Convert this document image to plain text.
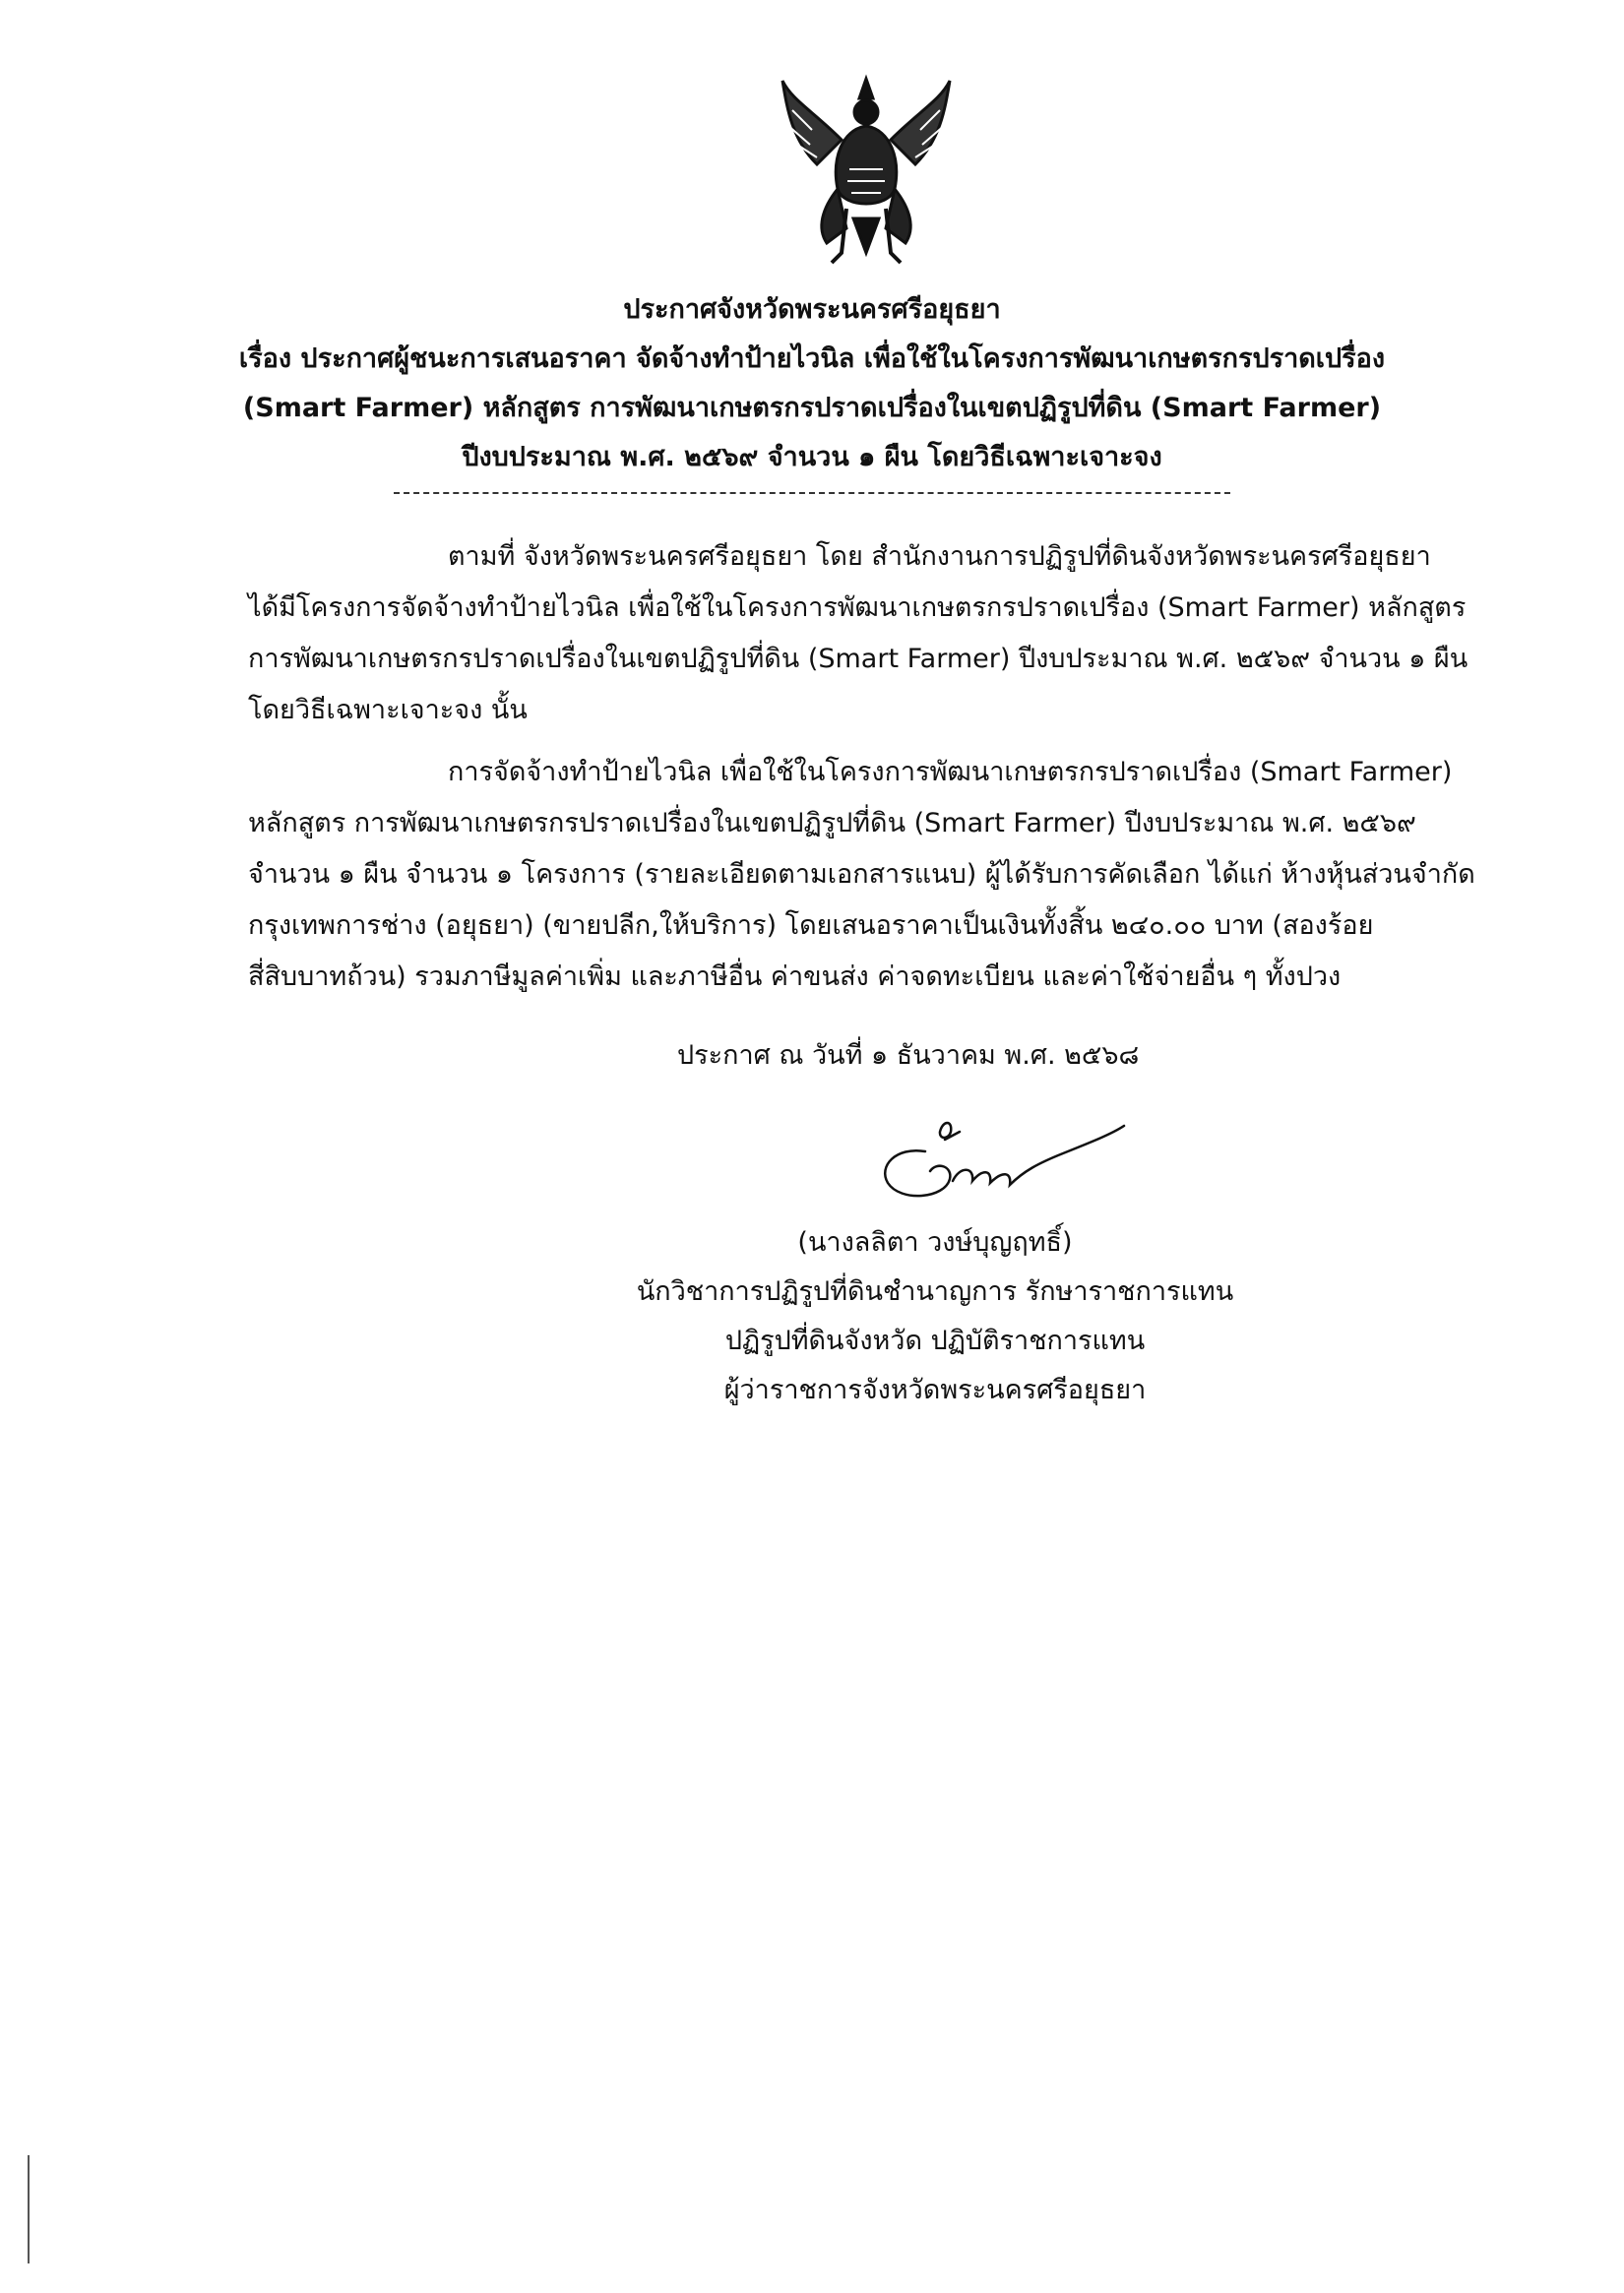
ประกาศจังหวัดพระนครศรีอยุธยา
เรื่อง ประกาศผู้ชนะการเสนอราคา จัดจ้างทำป้ายไวนิล เพื่อใช้ในโครงการพัฒนาเกษตรกรปราดเปรื่อง
(Smart Farmer) หลักสูตร การพัฒนาเกษตรกรปราดเปรื่องในเขตปฏิรูปที่ดิน (Smart Farmer)
ปีงบประมาณ พ.ศ. ๒๕๖๙ จำนวน ๑ ผืน โดยวิธีเฉพาะเจาะจง
ตามที่ จังหวัดพระนครศรีอยุธยา โดย สำนักงานการปฏิรูปที่ดินจังหวัดพระนครศรีอยุธยา
ได้มีโครงการจัดจ้างทำป้ายไวนิล เพื่อใช้ในโครงการพัฒนาเกษตรกรปราดเปรื่อง (Smart Farmer) หลักสูตร
การพัฒนาเกษตรกรปราดเปรื่องในเขตปฏิรูปที่ดิน (Smart Farmer) ปีงบประมาณ พ.ศ. ๒๕๖๙ จำนวน ๑ ผืน
โดยวิธีเฉพาะเจาะจง นั้น
การจัดจ้างทำป้ายไวนิล เพื่อใช้ในโครงการพัฒนาเกษตรกรปราดเปรื่อง (Smart Farmer)
หลักสูตร การพัฒนาเกษตรกรปราดเปรื่องในเขตปฏิรูปที่ดิน (Smart Farmer) ปีงบประมาณ พ.ศ. ๒๕๖๙
จำนวน ๑ ผืน จำนวน ๑ โครงการ (รายละเอียดตามเอกสารแนบ) ผู้ได้รับการคัดเลือก ได้แก่ ห้างหุ้นส่วนจำกัด
กรุงเทพการช่าง (อยุธยา) (ขายปลีก,ให้บริการ) โดยเสนอราคาเป็นเงินทั้งสิ้น ๒๔๐.๐๐ บาท (สองร้อย
สี่สิบบาทถ้วน) รวมภาษีมูลค่าเพิ่ม และภาษีอื่น ค่าขนส่ง ค่าจดทะเบียน และค่าใช้จ่ายอื่น ๆ ทั้งปวง
ประกาศ ณ วันที่ ๑ ธันวาคม พ.ศ. ๒๕๖๘
(นางลลิตา วงษ์บุญฤทธิ์)
นักวิชาการปฏิรูปที่ดินชำนาญการ รักษาราชการแทน
ปฏิรูปที่ดินจังหวัด ปฏิบัติราชการแทน
ผู้ว่าราชการจังหวัดพระนครศรีอยุธยา
